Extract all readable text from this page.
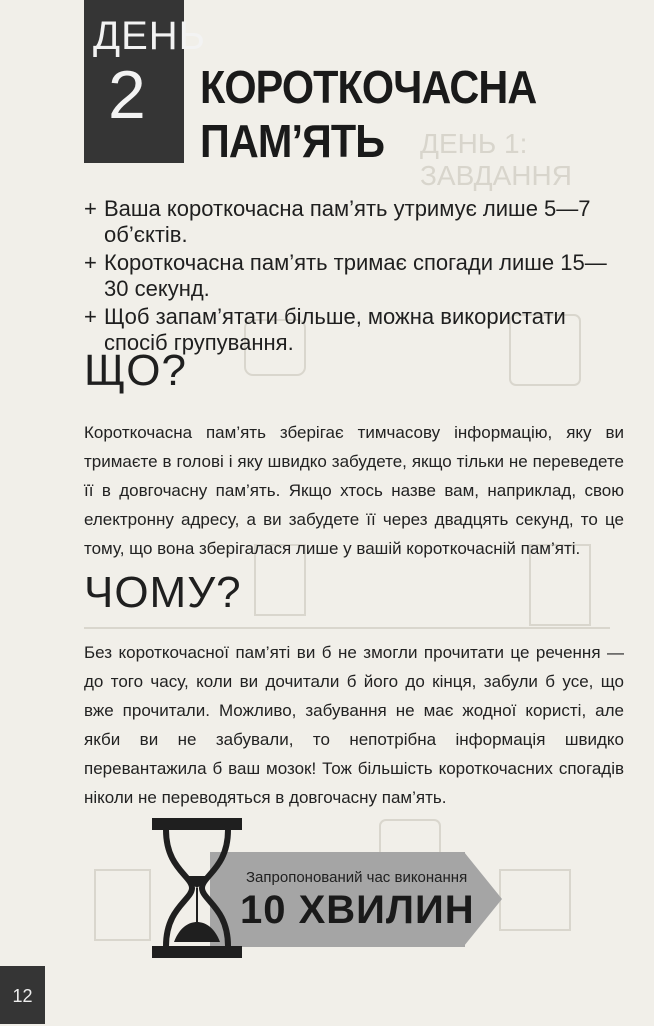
ДЕНЬ 1: ЗАВДАННЯ
ДЕНЬ
2 КОРОТКОЧАСНА
ПАМ’ЯТЬ
+ Ваша короткочасна пам’ять утримує лише 5—7 об’єктів.
+ Короткочасна пам’ять тримає спогади лише 15—30 секунд.
+ Щоб запам’ятати більше, можна використати спосіб групування.
ЩО?
Короткочасна пам’ять зберігає тимчасову інформацію, яку ви тримаєте в голові і яку швидко забудете, якщо тільки не переведете її в довгочасну пам’ять. Якщо хтось назве вам, наприклад, свою електронну адресу, а ви забудете її через двадцять секунд, то це тому, що вона зберігалася лише у вашій короткочасній пам’яті.
ЧОМУ?
Без короткочасної пам’яті ви б не змогли прочитати це речення — до того часу, коли ви дочитали б його до кінця, забули б усе, що вже прочитали. Можливо, забування не має жодної користі, але якби ви не забували, то непотрібна інформація швидко перевантажила б ваш мозок! Тож більшість короткочасних спогадів ніколи не переводяться в довгочасну пам’ять.
Запропонований час виконання
10 ХВИЛИН
12
